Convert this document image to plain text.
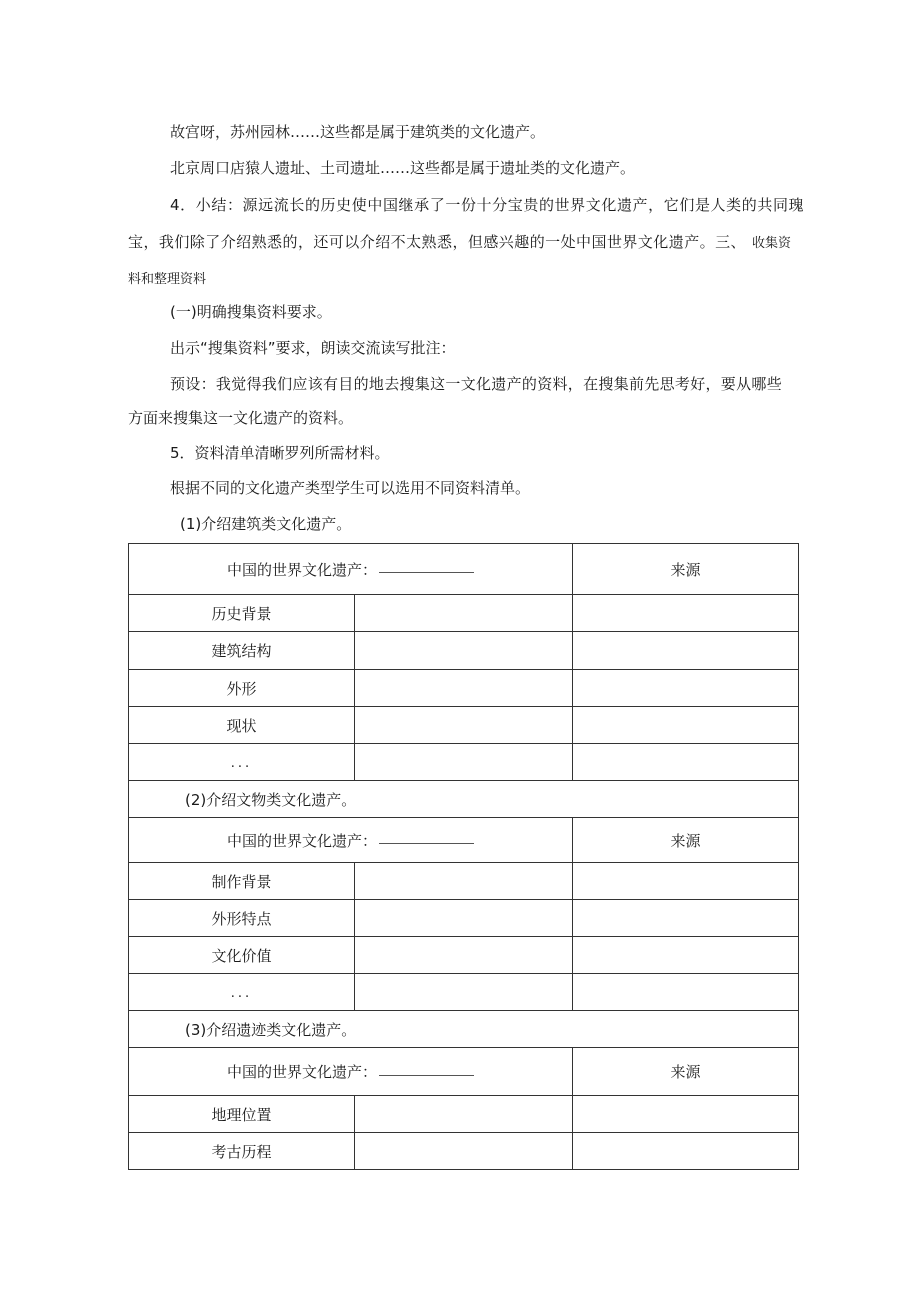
故宫呀，苏州园林……这些都是属于建筑类的文化遗产。
北京周口店猿人遗址、土司遗址……这些都是属于遗址类的文化遗产。
4．小结：源远流长的历史使中国继承了一份十分宝贵的世界文化遗产，它们是人类的共同瑰
宝，我们除了介绍熟悉的，还可以介绍不太熟悉，但感兴趣的一处中国世界文化遗产。三、 收集资
料和整理资料
(一)明确搜集资料要求。
出示“搜集资料”要求，朗读交流读写批注：
预设：我觉得我们应该有目的地去搜集这一文化遗产的资料，在搜集前先思考好，要从哪些
方面来搜集这一文化遗产的资料。
5．资料清单清晰罗列所需材料。
根据不同的文化遗产类型学生可以选用不同资料清单。
(1)介绍建筑类文化遗产。
中国的世界文化遗产：		来源
历史背景		
建筑结构		
外形		
现状		
...		
(2)介绍文物类文化遗产。		
中国的世界文化遗产：		来源
制作背景		
外形特点		
文化价值		
...		
(3)介绍遗迹类文化遗产。		
中国的世界文化遗产：		来源
地理位置		
考古历程		
